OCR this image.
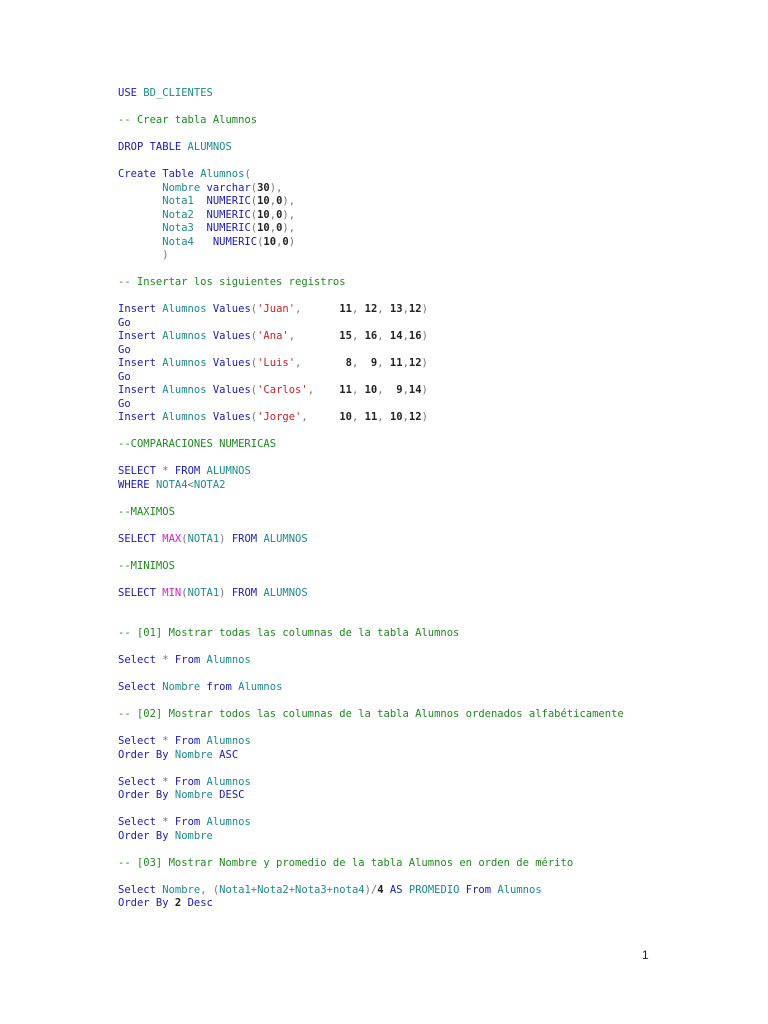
USE BD_CLIENTES
-- Crear tabla Alumnos
DROP TABLE ALUMNOS
Create Table Alumnos(
Nombre varchar(30),
Nota1  NUMERIC(10,0),
Nota2  NUMERIC(10,0),
Nota3  NUMERIC(10,0),
Nota4   NUMERIC(10,0)
)
-- Insertar los siguientes registros
Insert Alumnos Values('Juan',      11, 12, 13,12)
Go
Insert Alumnos Values('Ana',       15, 16, 14,16)
Go
Insert Alumnos Values('Luis',       8,  9, 11,12)
Go
Insert Alumnos Values('Carlos',    11, 10,  9,14)
Go
Insert Alumnos Values('Jorge',     10, 11, 10,12)
--COMPARACIONES NUMERICAS
SELECT * FROM ALUMNOS
WHERE NOTA4<NOTA2
--MAXIMOS
SELECT MAX(NOTA1) FROM ALUMNOS
--MINIMOS
SELECT MIN(NOTA1) FROM ALUMNOS
-- [01] Mostrar todas las columnas de la tabla Alumnos
Select * From Alumnos
Select Nombre from Alumnos
-- [02] Mostrar todos las columnas de la tabla Alumnos ordenados alfabéticamente
Select * From Alumnos
Order By Nombre ASC
Select * From Alumnos
Order By Nombre DESC
Select * From Alumnos
Order By Nombre
-- [03] Mostrar Nombre y promedio de la tabla Alumnos en orden de mérito
Select Nombre, (Nota1+Nota2+Nota3+nota4)/4 AS PROMEDIO From Alumnos
Order By 2 Desc
1
